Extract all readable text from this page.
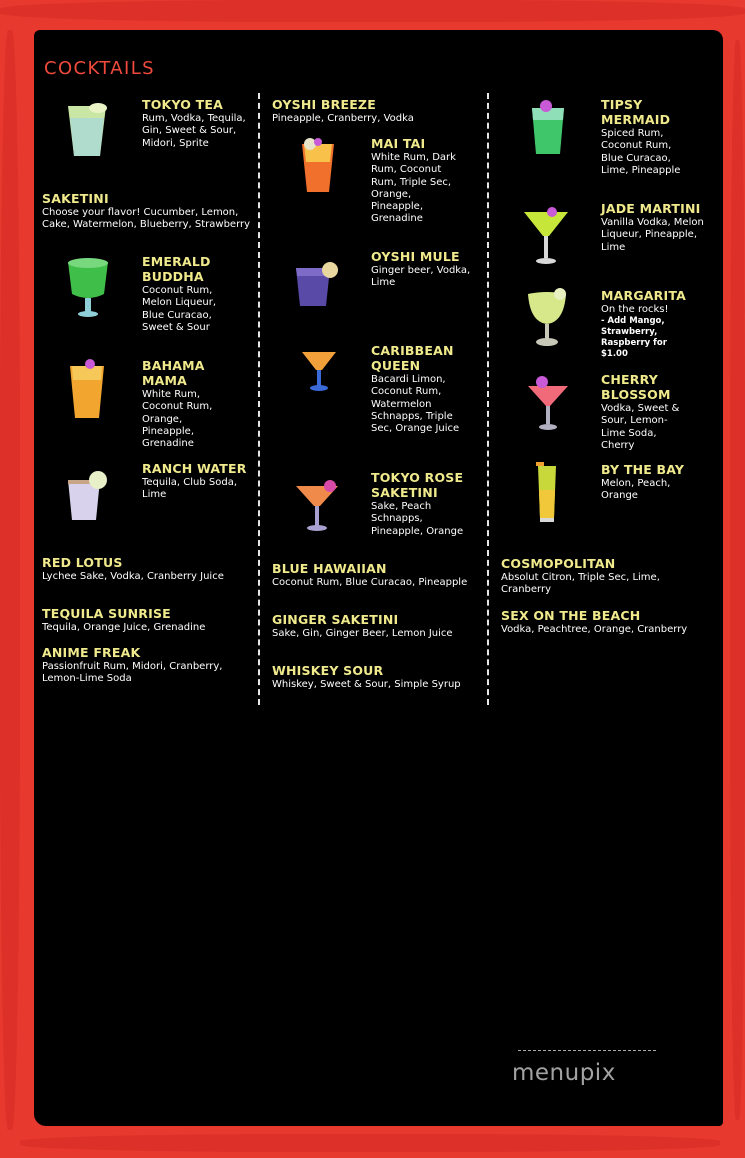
COCKTAILS
TOKYO TEA
Rum, Vodka, Tequila, Gin, Sweet & Sour, Midori, Sprite
SAKETINI
Choose your flavor! Cucumber, Lemon, Cake, Watermelon, Blueberry, Strawberry
EMERALD BUDDHA
Coconut Rum, Melon Liqueur, Blue Curacao, Sweet & Sour
BAHAMA MAMA
White Rum, Coconut Rum, Orange, Pineapple, Grenadine
RANCH WATER
Tequila, Club Soda, Lime
RED LOTUS
Lychee Sake, Vodka, Cranberry Juice
TEQUILA SUNRISE
Tequila, Orange Juice, Grenadine
ANIME FREAK
Passionfruit Rum, Midori, Cranberry, Lemon-Lime Soda
OYSHI BREEZE
Pineapple, Cranberry, Vodka
MAI TAI
White Rum, Dark Rum, Coconut Rum, Triple Sec, Orange, Pineapple, Grenadine
OYSHI MULE
Ginger beer, Vodka, Lime
CARIBBEAN QUEEN
Bacardi Limon, Coconut Rum, Watermelon Schnapps, Triple Sec, Orange Juice
TOKYO ROSE SAKETINI
Sake, Peach Schnapps, Pineapple, Orange
BLUE HAWAIIAN
Coconut Rum, Blue Curacao, Pineapple
GINGER SAKETINI
Sake, Gin, Ginger Beer, Lemon Juice
WHISKEY SOUR
Whiskey, Sweet & Sour, Simple Syrup
TIPSY MERMAID
Spiced Rum, Coconut Rum, Blue Curacao, Lime, Pineapple
JADE MARTINI
Vanilla Vodka, Melon Liqueur, Pineapple, Lime
MARGARITA
On the rocks!
- Add Mango, Strawberry, Raspberry for $1.00
CHERRY BLOSSOM
Vodka, Sweet & Sour, Lemon-Lime Soda, Cherry
BY THE BAY
Melon, Peach, Orange
COSMOPOLITAN
Absolut Citron, Triple Sec, Lime, Cranberry
SEX ON THE BEACH
Vodka, Peachtree, Orange, Cranberry
menupix
